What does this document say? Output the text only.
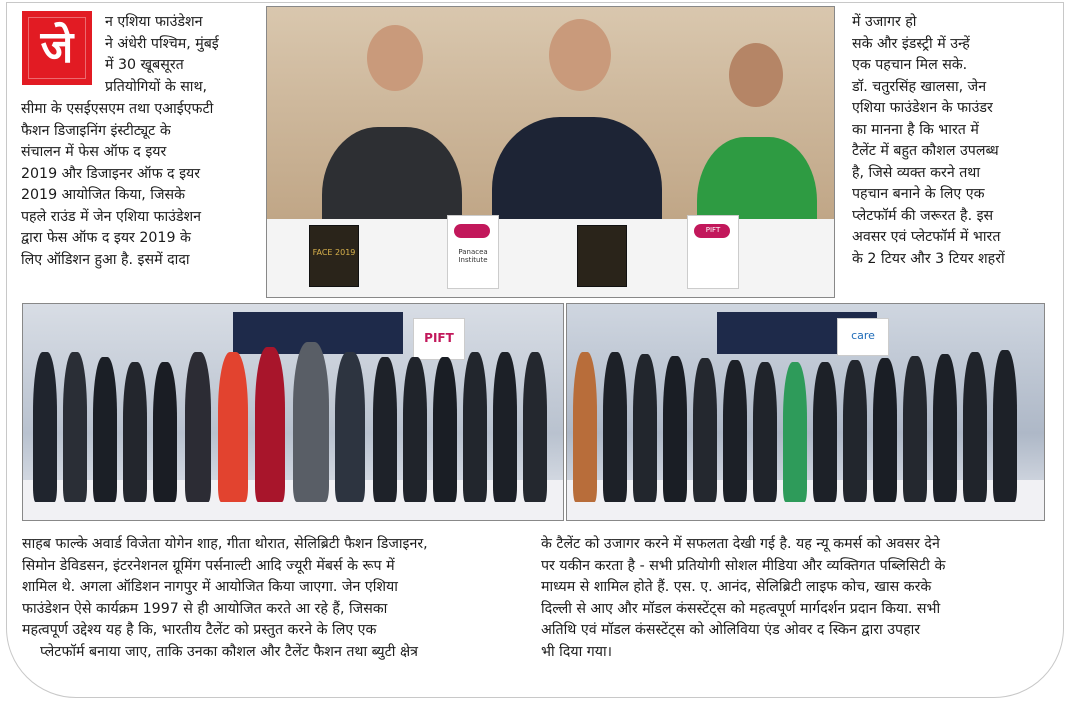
जे	न एशिया फाउंडेशन
ने अंधेरी पश्चिम, मुंबई
में 30 खूबसूरत
प्रतियोगियों के साथ,
सीमा के एसईएसएम तथा एआईएफटी
फैशन डिजाइनिंग इंस्टीट्यूट के
संचालन में फेस ऑफ द इयर
2019 और डिजाइनर ऑफ द इयर
2019 आयोजित किया, जिसके
पहले राउंड में जेन एशिया फाउंडेशन
द्वारा फेस ऑफ द इयर 2019 के
लिए ऑडिशन हुआ है. इसमें दादा
में उजागर हो
सके और इंडस्ट्री में उन्हें
एक पहचान मिल सके.
डॉ. चतुरसिंह खालसा, जेन
एशिया फाउंडेशन के फाउंडर
का मानना है कि भारत में
टैलेंट में बहुत कौशल उपलब्ध
है, जिसे व्यक्त करने तथा
पहचान बनाने के लिए एक
प्लेटफॉर्म की जरूरत है. इस
अवसर एवं प्लेटफॉर्म में भारत
के 2 टियर और 3 टियर शहरों
साहब फाल्के अवार्ड विजेता योगेन शाह, गीता थोरात, सेलिब्रिटी फैशन डिजाइनर,
सिमोन डेविडसन, इंटरनेशनल ग्रूमिंग पर्सनाल्टी आदि ज्यूरी मेंबर्स के रूप में
शामिल थे. अगला ऑडिशन नागपुर में आयोजित किया जाएगा. जेन एशिया
फाउंडेशन ऐसे कार्यक्रम 1997 से ही आयोजित करते आ रहे हैं, जिसका
महत्वपूर्ण उद्देश्य यह है कि, भारतीय टैलेंट को प्रस्तुत करने के लिए एक
प्लेटफॉर्म बनाया जाए, ताकि उनका कौशल और टैलेंट फैशन तथा ब्युटी क्षेत्र
के टैलेंट को उजागर करने में सफलता देखी गई है. यह न्यू कमर्स को अवसर देने
पर यकीन करता है - सभी प्रतियोगी सोशल मीडिया और व्यक्तिगत पब्लिसिटी के
माध्यम से शामिल होते हैं. एस. ए. आनंद, सेलिब्रिटी लाइफ कोच, खास करके
दिल्ली से आए और मॉडल कंसस्टेंट्स को महत्वपूर्ण मार्गदर्शन प्रदान किया. सभी
अतिथि एवं मॉडल कंसस्टेंट्स को ओलिविया एंड ओवर द स्किन द्वारा उपहार
भी दिया गया।
FACE 2019	Panacea Institute
PIFT
PIFT	care
